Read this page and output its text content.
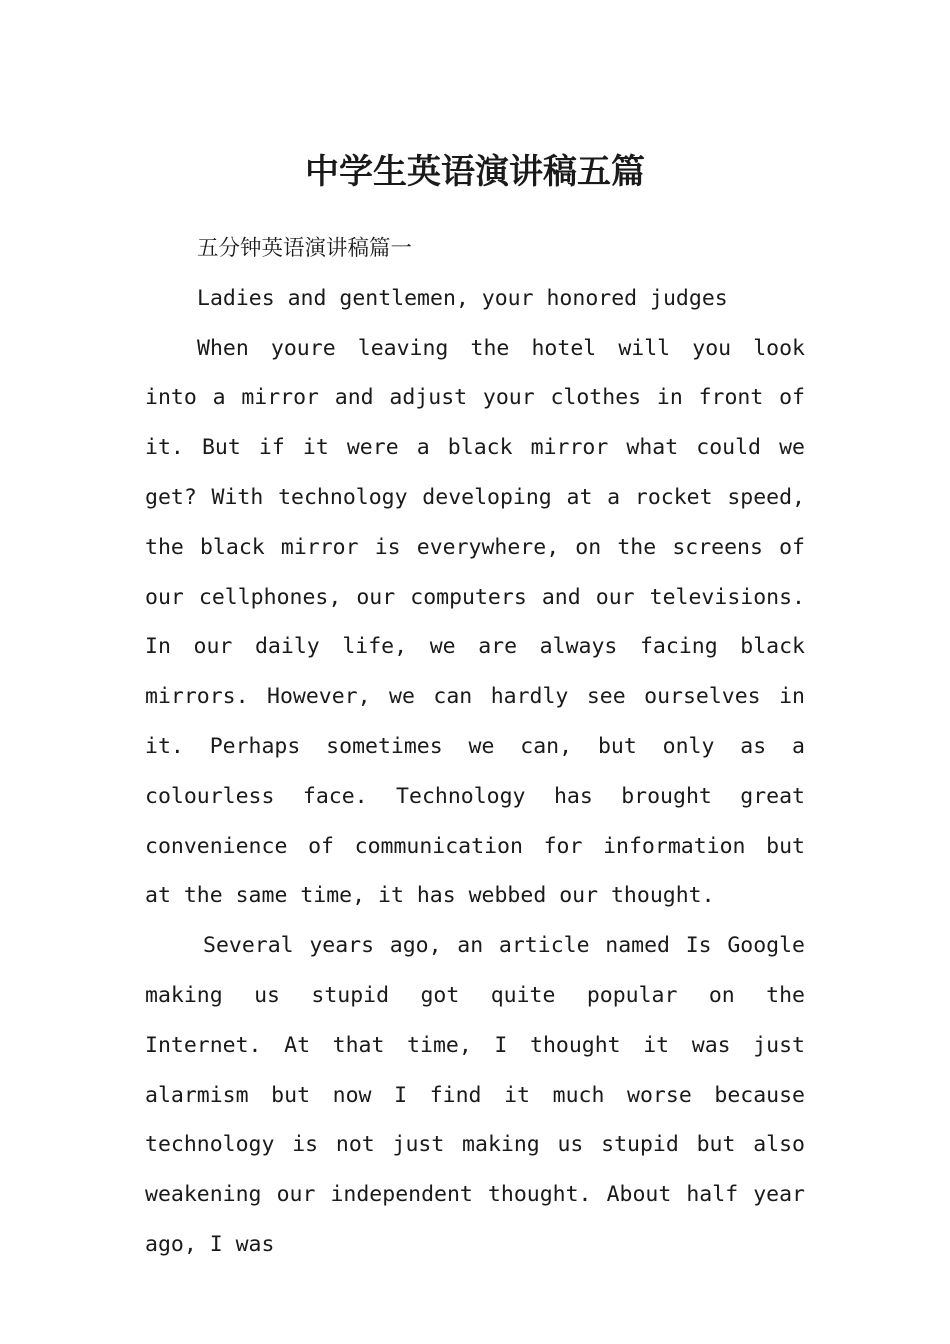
中学生英语演讲稿五篇

五分钟英语演讲稿篇一

Ladies and gentlemen, your honored judges

When youre leaving the hotel will you look into a mirror and adjust your clothes in front of it. But if it were a black mirror what could we get? With technology developing at a rocket speed, the black mirror is everywhere, on the screens of our cellphones, our computers and our televisions. In our daily life, we are always facing black mirrors. However, we can hardly see ourselves in it. Perhaps sometimes we can, but only as a colourless face. Technology has brought great convenience of communication for information but at the same time, it has webbed our thought.

Several years ago, an article named Is Google making us stupid got quite popular on the Internet. At that time, I thought it was just alarmism but now I find it much worse because technology is not just making us stupid but also weakening our independent thought. About half year ago, I was
